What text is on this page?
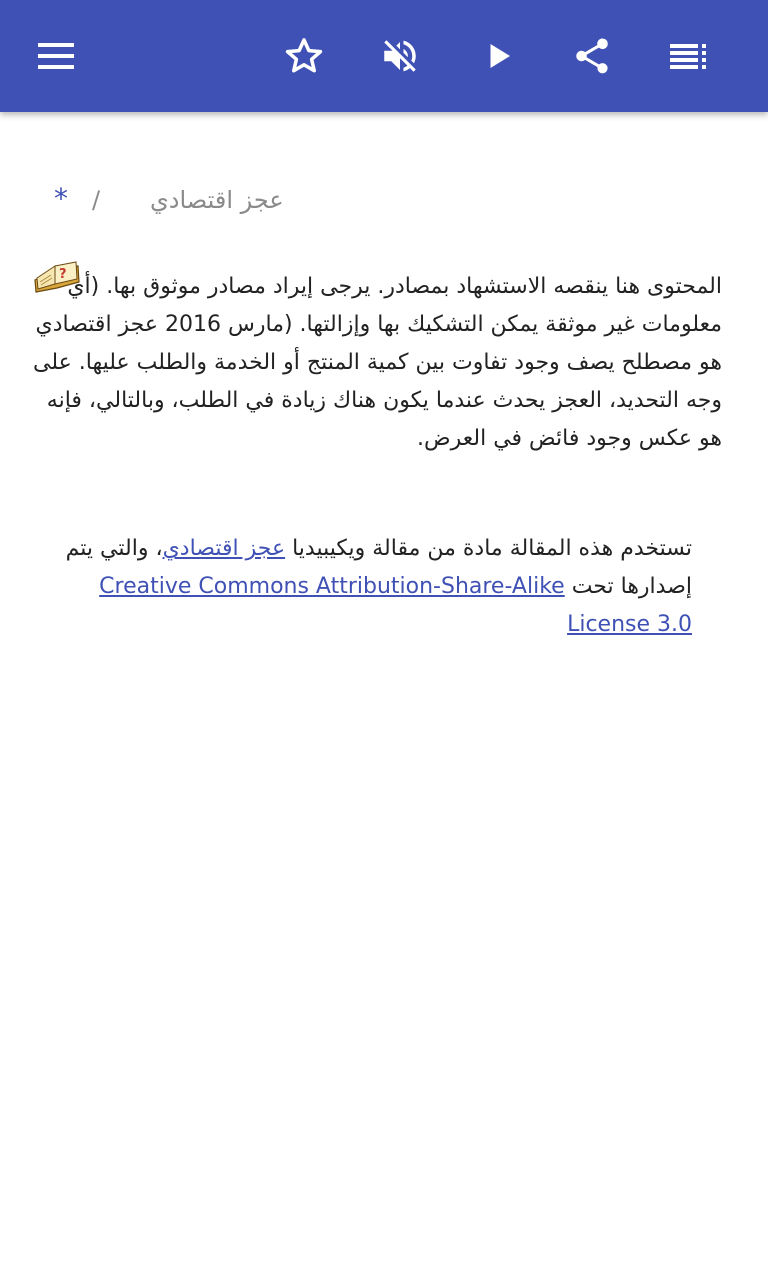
* / عجز اقتصادي
? المحتوى هنا ينقصه الاستشهاد بمصادر. يرجى إيراد مصادر موثوق بها. (أي معلومات غير موثقة يمكن التشكيك بها وإزالتها. (مارس 2016 عجز اقتصادي هو مصطلح يصف وجود تفاوت بين كمية المنتج أو الخدمة والطلب عليها. على وجه التحديد، العجز يحدث عندما يكون هناك زيادة في الطلب، وبالتالي، فإنه هو عكس وجود فائض في العرض.

تستخدم هذه المقالة مادة من مقالة ويكيبيديا عجز اقتصادي، والتي يتم إصدارها تحت Creative Commons Attribution-Share-Alike License 3.0
